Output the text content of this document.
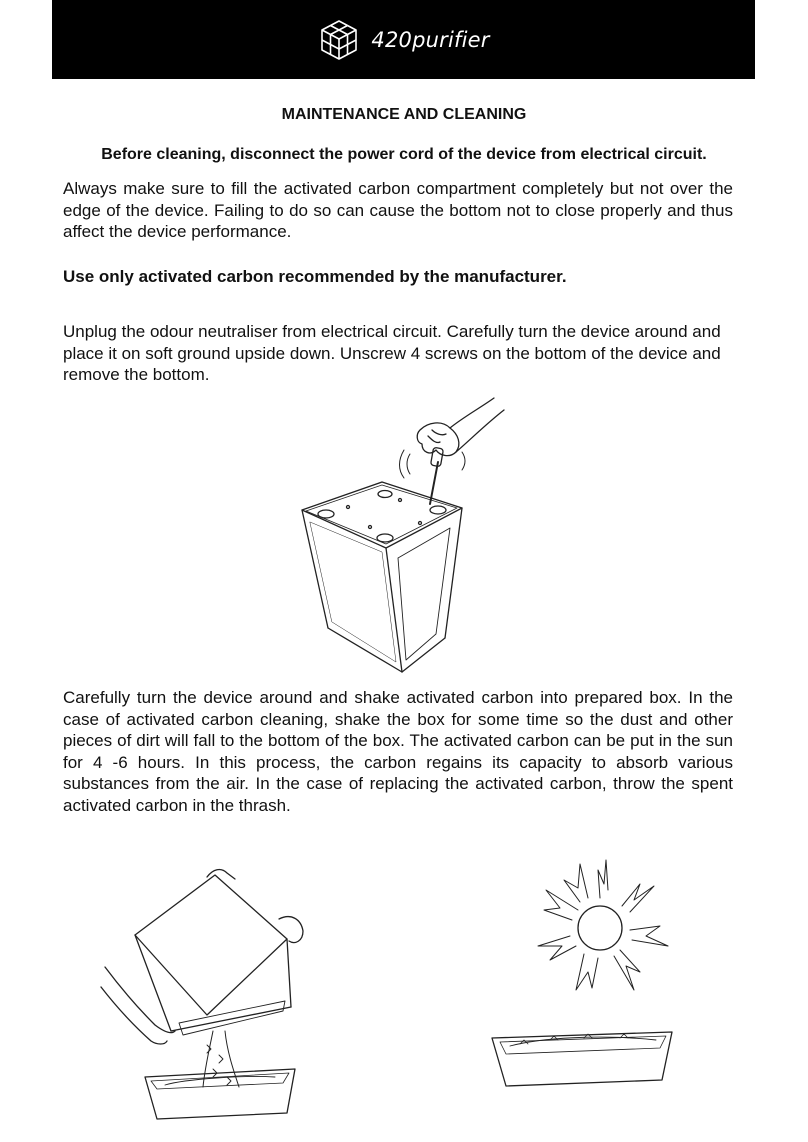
420purifier
MAINTENANCE AND CLEANING

Before cleaning, disconnect the power cord of the device from electrical circuit.

Always make sure to fill the activated carbon compartment completely but not over the edge of the device. Failing to do so can cause the bottom not to close properly and thus affect the device performance.

Use only activated carbon recommended by the manufacturer.

Unplug the odour neutraliser from electrical circuit. Carefully turn the device around and place it on soft ground upside down. Unscrew 4 screws on the bottom of the device and remove the bottom.

Carefully turn the device around and shake activated carbon into prepared box. In the case of activated carbon cleaning, shake the box for some time so the dust and other pieces of dirt will fall to the bottom of the box. The activated carbon can be put in the sun for 4 -6 hours. In this process, the carbon regains its capacity to absorb various substances from the air. In the case of replacing the activated carbon, throw the spent activated carbon in the thrash.
